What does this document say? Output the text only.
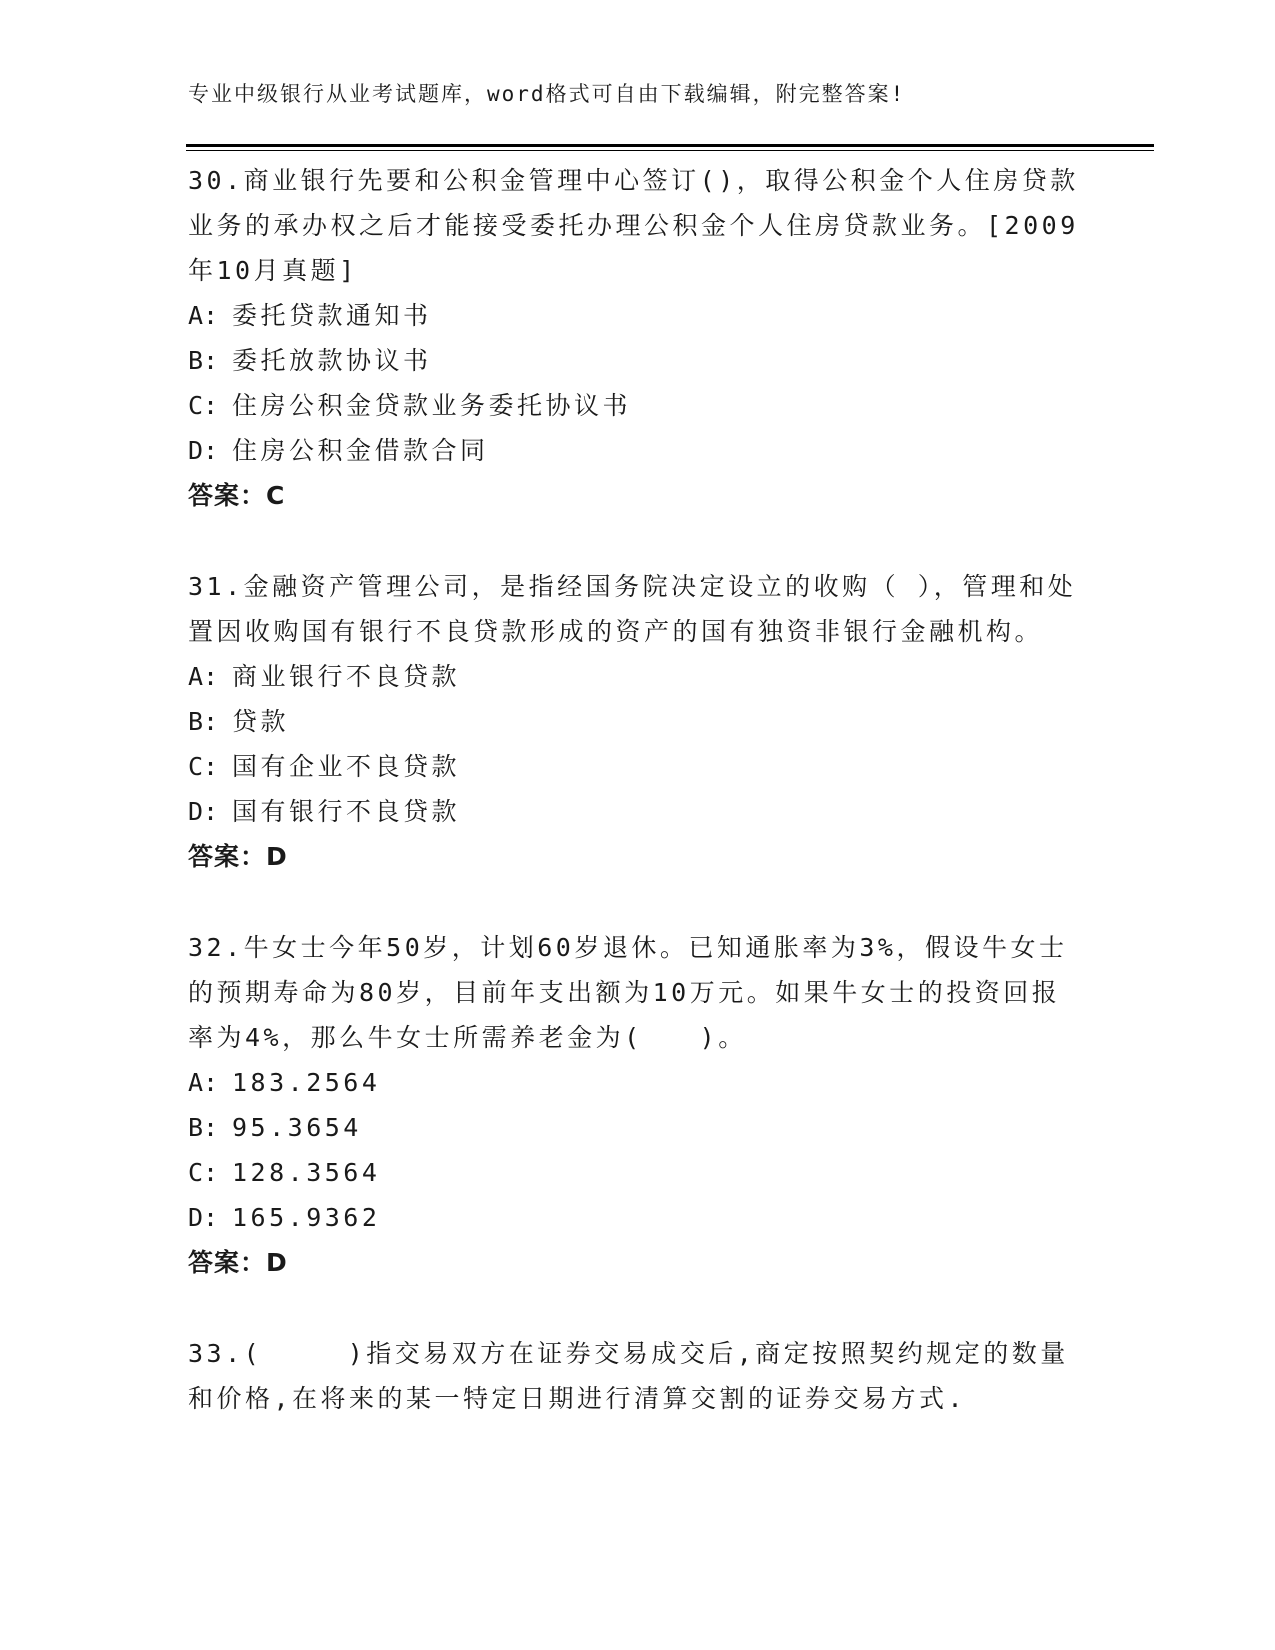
专业中级银行从业考试题库，word格式可自由下载编辑，附完整答案!
30.商业银行先要和公积金管理中心签订()，取得公积金个人住房贷款业务的承办权之后才能接受委托办理公积金个人住房贷款业务。[2009年10月真题]
A: 委托贷款通知书
B: 委托放款协议书
C: 住房公积金贷款业务委托协议书
D: 住房公积金借款合同
答案：C
31.金融资产管理公司，是指经国务院决定设立的收购（ ），管理和处置因收购国有银行不良贷款形成的资产的国有独资非银行金融机构。
A: 商业银行不良贷款
B: 贷款
C: 国有企业不良贷款
D: 国有银行不良贷款
答案：D
32.牛女士今年50岁，计划60岁退休。已知通胀率为3%，假设牛女士的预期寿命为80岁，目前年支出额为10万元。如果牛女士的投资回报率为4%，那么牛女士所需养老金为(　　)。
A: 183.2564
B: 95.3654
C: 128.3564
D: 165.9362
答案：D
33.(　　　)指交易双方在证券交易成交后,商定按照契约规定的数量和价格,在将来的某一特定日期进行清算交割的证券交易方式.
